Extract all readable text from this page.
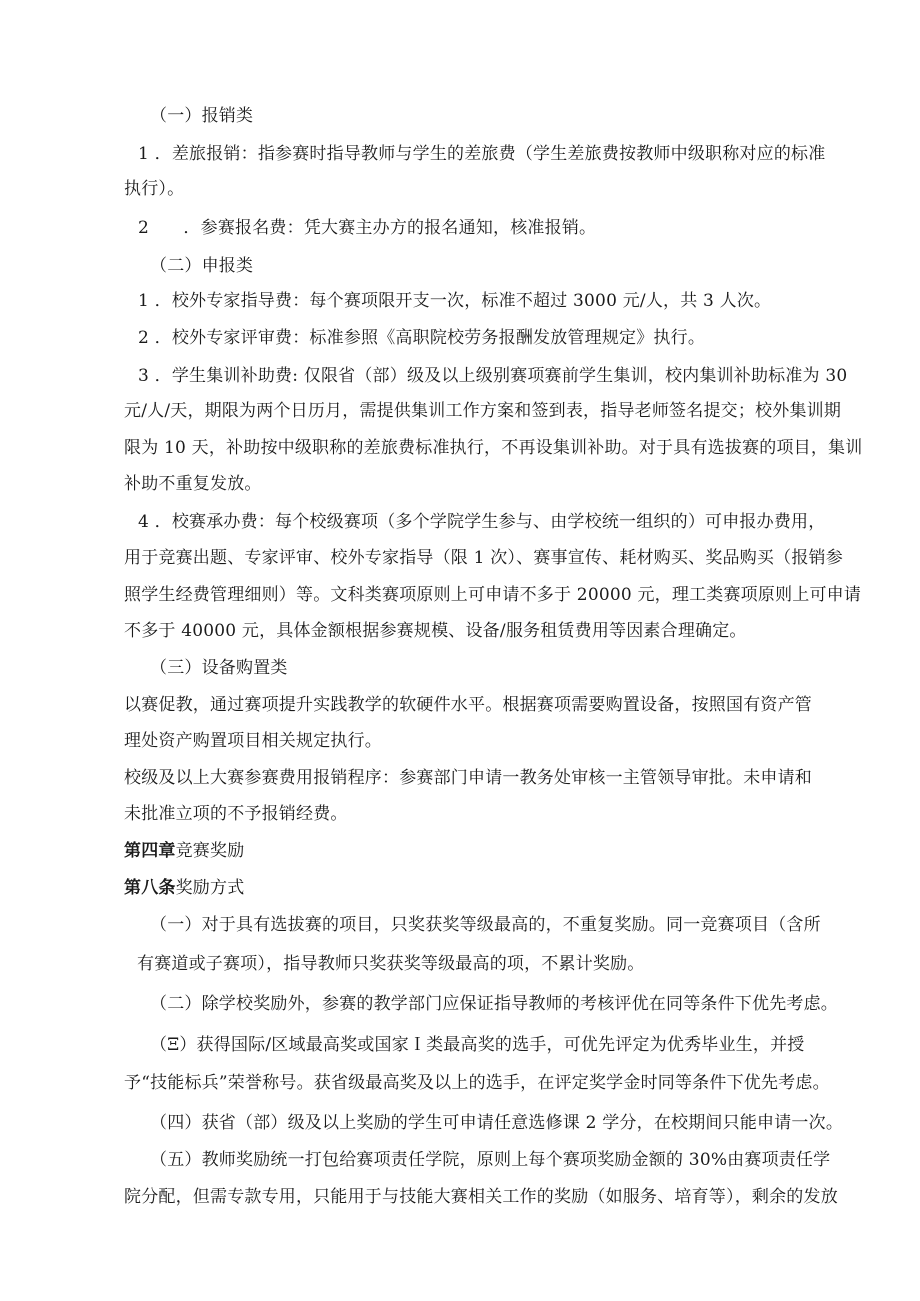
（一）报销类
1 ．差旅报销：指参赛时指导教师与学生的差旅费（学生差旅费按教师中级职称对应的标准
执行）。
2　　．参赛报名费：凭大赛主办方的报名通知，核准报销。
（二）申报类
1 ．校外专家指导费：每个赛项限开支一次，标准不超过 3000 元/人，共 3 人次。
2 ．校外专家评审费：标准参照《高职院校劳务报酬发放管理规定》执行。
3 ．学生集训补助费: 仅限省（部）级及以上级别赛项赛前学生集训，校内集训补助标准为 30
元/人/天，期限为两个日历月，需提供集训工作方案和签到表，指导老师签名提交；校外集训期
限为 10 天，补助按中级职称的差旅费标准执行，不再设集训补助。对于具有选拔赛的项目，集训
补助不重复发放。
4 ．校赛承办费：每个校级赛项（多个学院学生参与、由学校统一组织的）可申报办费用，
用于竞赛出题、专家评审、校外专家指导（限 1 次）、赛事宣传、耗材购买、奖品购买（报销参
照学生经费管理细则）等。文科类赛项原则上可申请不多于 20000 元，理工类赛项原则上可申请
不多于 40000 元，具体金额根据参赛规模、设备/服务租赁费用等因素合理确定。
（三）设备购置类
以赛促教，通过赛项提升实践教学的软硬件水平。根据赛项需要购置设备，按照国有资产管
理处资产购置项目相关规定执行。
校级及以上大赛参赛费用报销程序：参赛部门申请一教务处审核一主管领导审批。未申请和
未批准立项的不予报销经费。
第四章竞赛奖励
第八条奖励方式
（一）对于具有选拔赛的项目，只奖获奖等级最高的，不重复奖励。同一竞赛项目（含所
有赛道或子赛项），指导教师只奖获奖等级最高的项，不累计奖励。
（二）除学校奖励外，参赛的教学部门应保证指导教师的考核评优在同等条件下优先考虑。
（Ξ）获得国际/区域最高奖或国家Ｉ类最高奖的选手，可优先评定为优秀毕业生，并授
予“技能标兵”荣誉称号。获省级最高奖及以上的选手，在评定奖学金时同等条件下优先考虑。
（四）获省（部）级及以上奖励的学生可申请任意选修课 2 学分，在校期间只能申请一次。
（五）教师奖励统一打包给赛项责任学院，原则上每个赛项奖励金额的 30%由赛项责任学
院分配，但需专款专用，只能用于与技能大赛相关工作的奖励（如服务、培育等），剩余的发放
